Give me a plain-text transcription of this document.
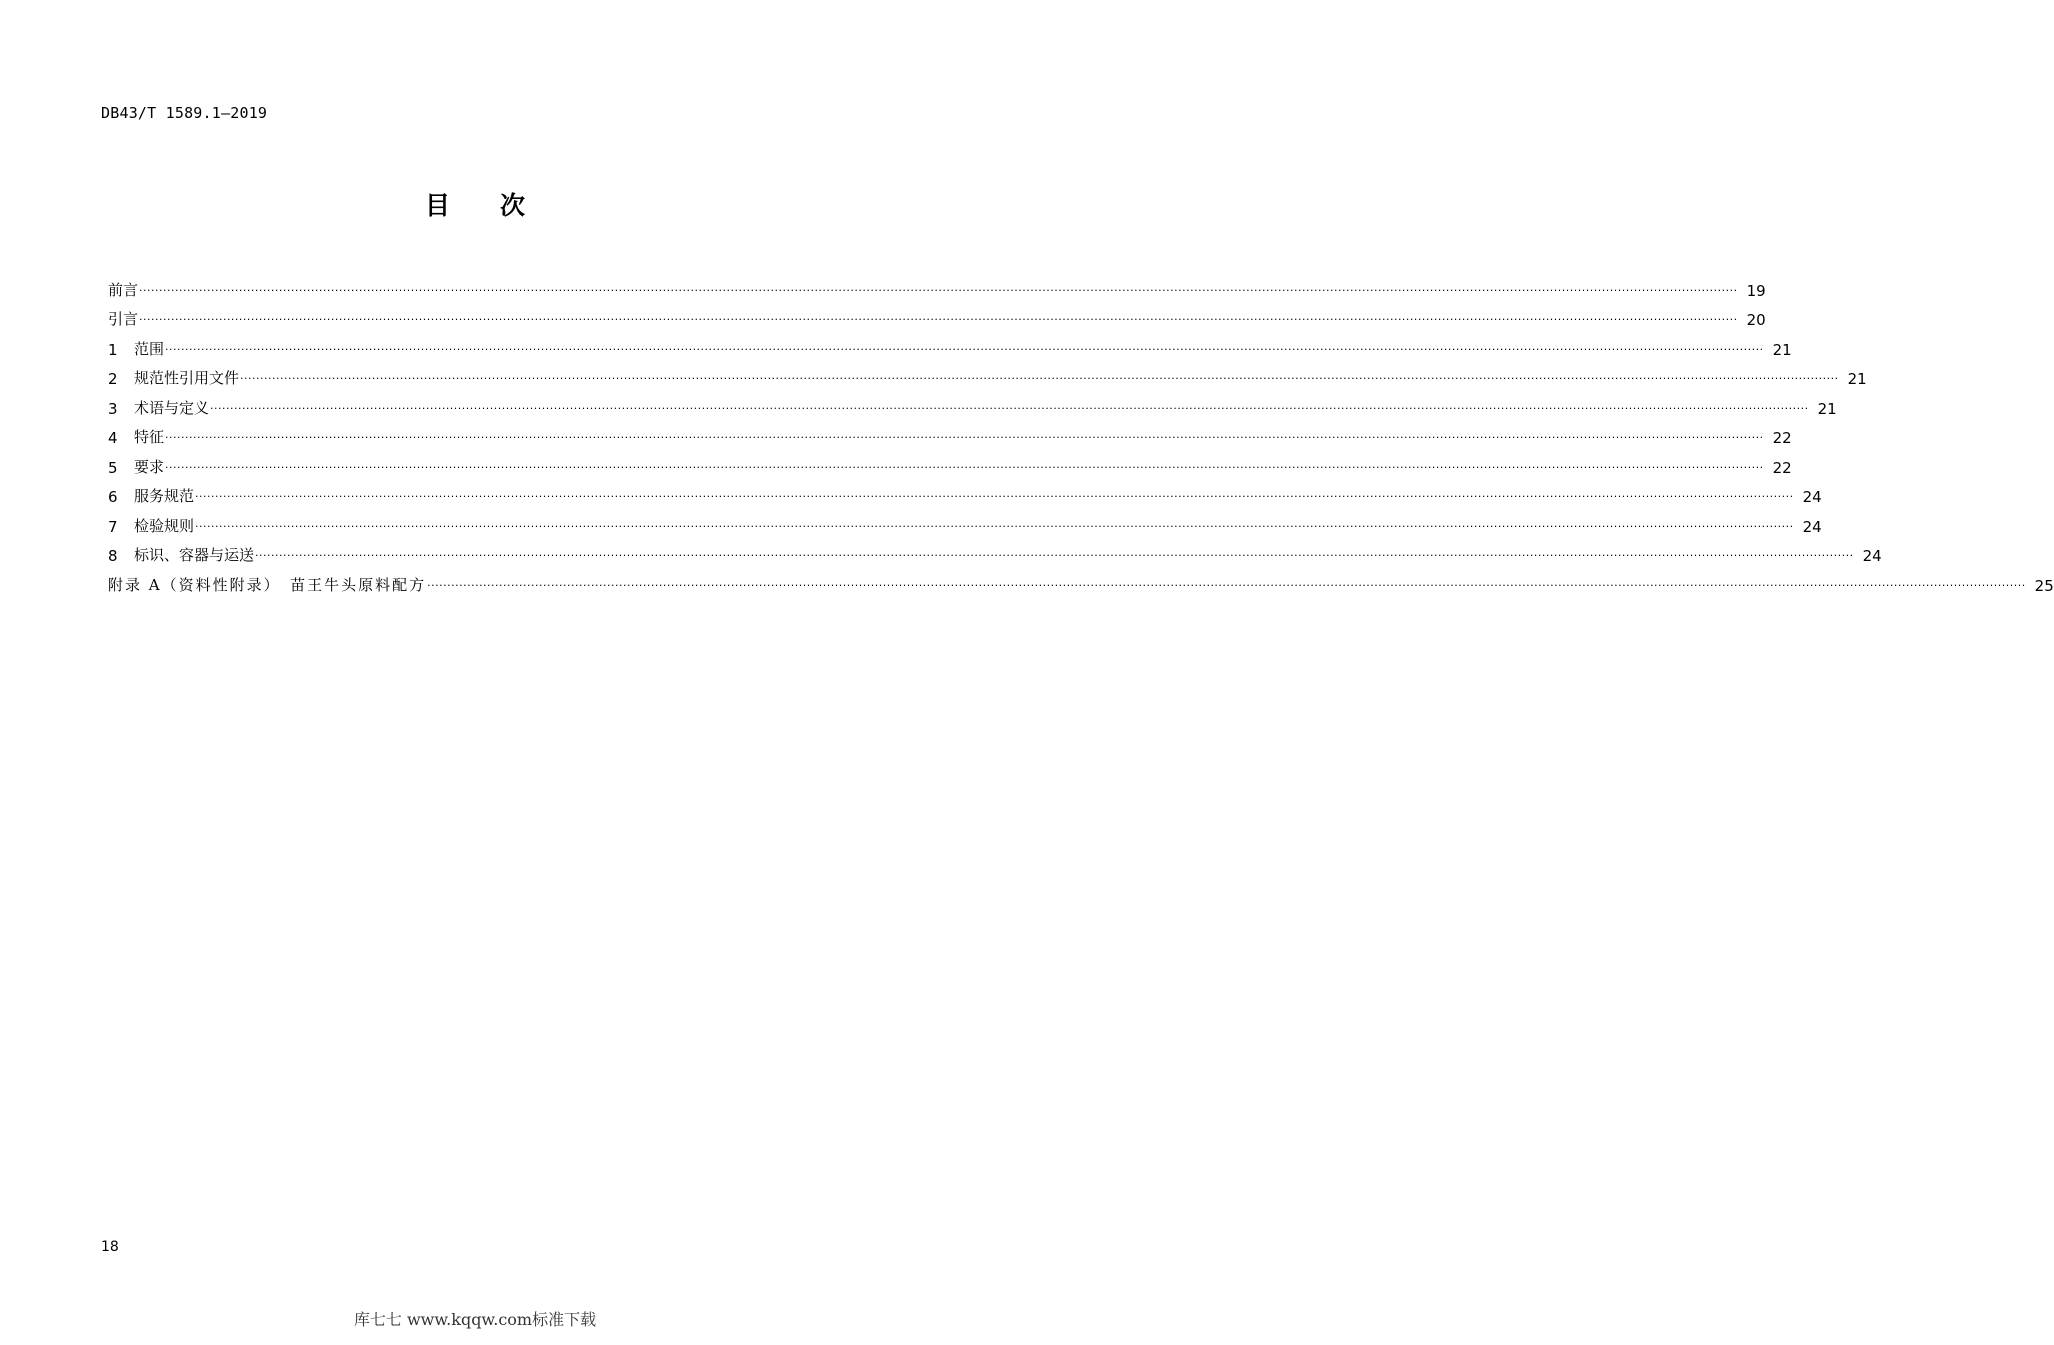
DB43/T 1589.1—2019
目次
前言 ················································································································································································································································································································································································································ 19
引言 ················································································································································································································································································································································································································ 20
1	范围 ················································································································································································································································································································································································································ 21
2	规范性引用文件 ················································································································································································································································································································································································································ 21
3	术语与定义 ················································································································································································································································································································································································································ 21
4	特征 ················································································································································································································································································································································································································ 22
5	要求 ················································································································································································································································································································································································································ 22
6	服务规范 ················································································································································································································································································································································································································ 24
7	检验规则 ················································································································································································································································································································································································································ 24
8	标识、容器与运送 ················································································································································································································································································································································································································ 24
附录 A（资料性附录）　苗王牛头原料配方 ················································································································································································································································································································································································································ 25
18
库七七 www.kqqw.com标准下载
